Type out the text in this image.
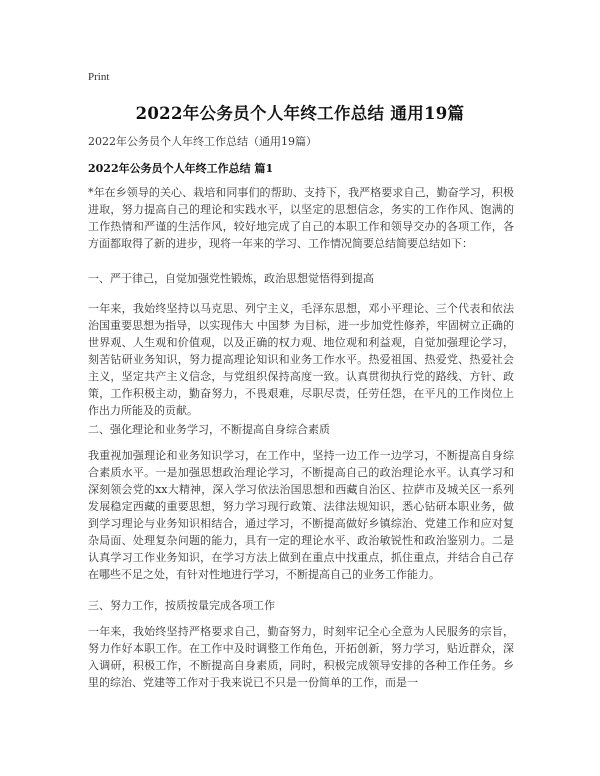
Print
2022年公务员个人年终工作总结 通用19篇
2022年公务员个人年终工作总结（通用19篇）
2022年公务员个人年终工作总结 篇1

*年在乡领导的关心、栽培和同事们的帮助、支持下，我严格要求自己，勤奋学习，积极进取，努力提高自己的理论和实践水平，以坚定的思想信念，务实的工作作风、饱满的工作热情和严谨的生活作风，较好地完成了自己的本职工作和领导交办的各项工作，各方面都取得了新的进步，现将一年来的学习、工作情况简要总结简要总结如下：

一、严于律己，自觉加强党性锻炼，政治思想觉悟得到提高

一年来，我始终坚持以马克思、列宁主义，毛泽东思想，邓小平理论、三个代表和依法治国重要思想为指导，以实现伟大 中国梦 为目标，进一步加党性修养，牢固树立正确的世界观、人生观和价值观，以及正确的权力观、地位观和利益观，自觉加强理论学习，刻苦钻研业务知识，努力提高理论知识和业务工作水平。热爱祖国、热爱党、热爱社会主义，坚定共产主义信念，与党组织保持高度一致。认真贯彻执行党的路线、方针、政策，工作积极主动，勤奋努力，不畏艰难，尽职尽责，任劳任怨，在平凡的工作岗位上作出力所能及的贡献。

二、强化理论和业务学习，不断提高自身综合素质

我重视加强理论和业务知识学习，在工作中，坚持一边工作一边学习，不断提高自身综合素质水平。一是加强思想政治理论学习，不断提高自己的政治理论水平。认真学习和深刻领会党的xx大精神，深入学习依法治国思想和西藏自治区、拉萨市及城关区一系列发展稳定西藏的重要思想，努力学习现行政策、法律法规知识，悉心钻研本职业务，做到学习理论与业务知识相结合，通过学习，不断提高做好乡镇综治、党建工作和应对复杂局面、处理复杂问题的能力，具有一定的理论水平、政治敏锐性和政治鉴别力。二是认真学习工作业务知识，在学习方法上做到在重点中找重点，抓住重点，并结合自己存在哪些不足之处，有针对性地进行学习，不断提高自己的业务工作能力。

三、努力工作，按质按量完成各项工作

一年来，我始终坚持严格要求自己，勤奋努力，时刻牢记全心全意为人民服务的宗旨，努力作好本职工作。在工作中及时调整工作角色，开拓创新，努力学习，贴近群众，深入调研，积极工作，不断提高自身素质，同时，积极完成领导安排的各种工作任务。乡里的综治、党建等工作对于我来说已不只是一份简单的工作，而是一
